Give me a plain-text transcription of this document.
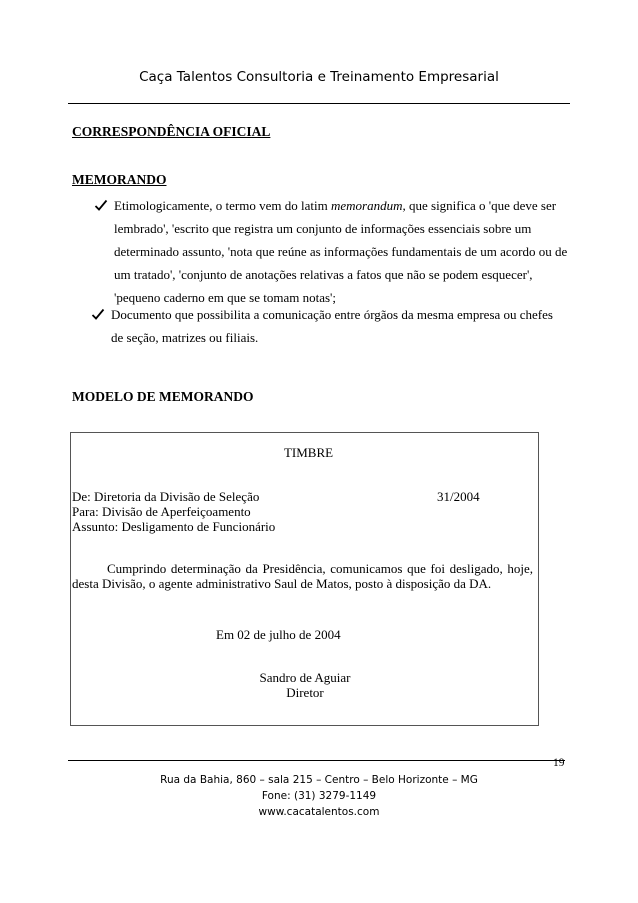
Caça Talentos Consultoria e Treinamento Empresarial
CORRESPONDÊNCIA OFICIAL
MEMORANDO
Etimologicamente, o termo vem do latim memorandum, que significa o 'que deve ser
lembrado', 'escrito que registra um conjunto de informações essenciais sobre um
determinado assunto, 'nota que reúne as informações fundamentais de um acordo ou de
um tratado', 'conjunto de anotações relativas a fatos que não se podem esquecer',
'pequeno caderno em que se tomam notas';
Documento que possibilita a comunicação entre órgãos da mesma empresa ou chefes
de seção, matrizes ou filiais.
MODELO DE MEMORANDO
TIMBRE
De: Diretoria da Divisão de Seleção	31/2004
Para: Divisão de Aperfeiçoamento
Assunto: Desligamento de Funcionário
Cumprindo determinação da Presidência, comunicamos que foi desligado, hoje,
desta Divisão, o agente administrativo Saul de Matos, posto à disposição da DA.
Em 02 de julho de 2004
Sandro de Aguiar
Diretor
19
Rua da Bahia, 860 – sala 215 – Centro – Belo Horizonte – MG
Fone: (31) 3279-1149
www.cacatalentos.com
